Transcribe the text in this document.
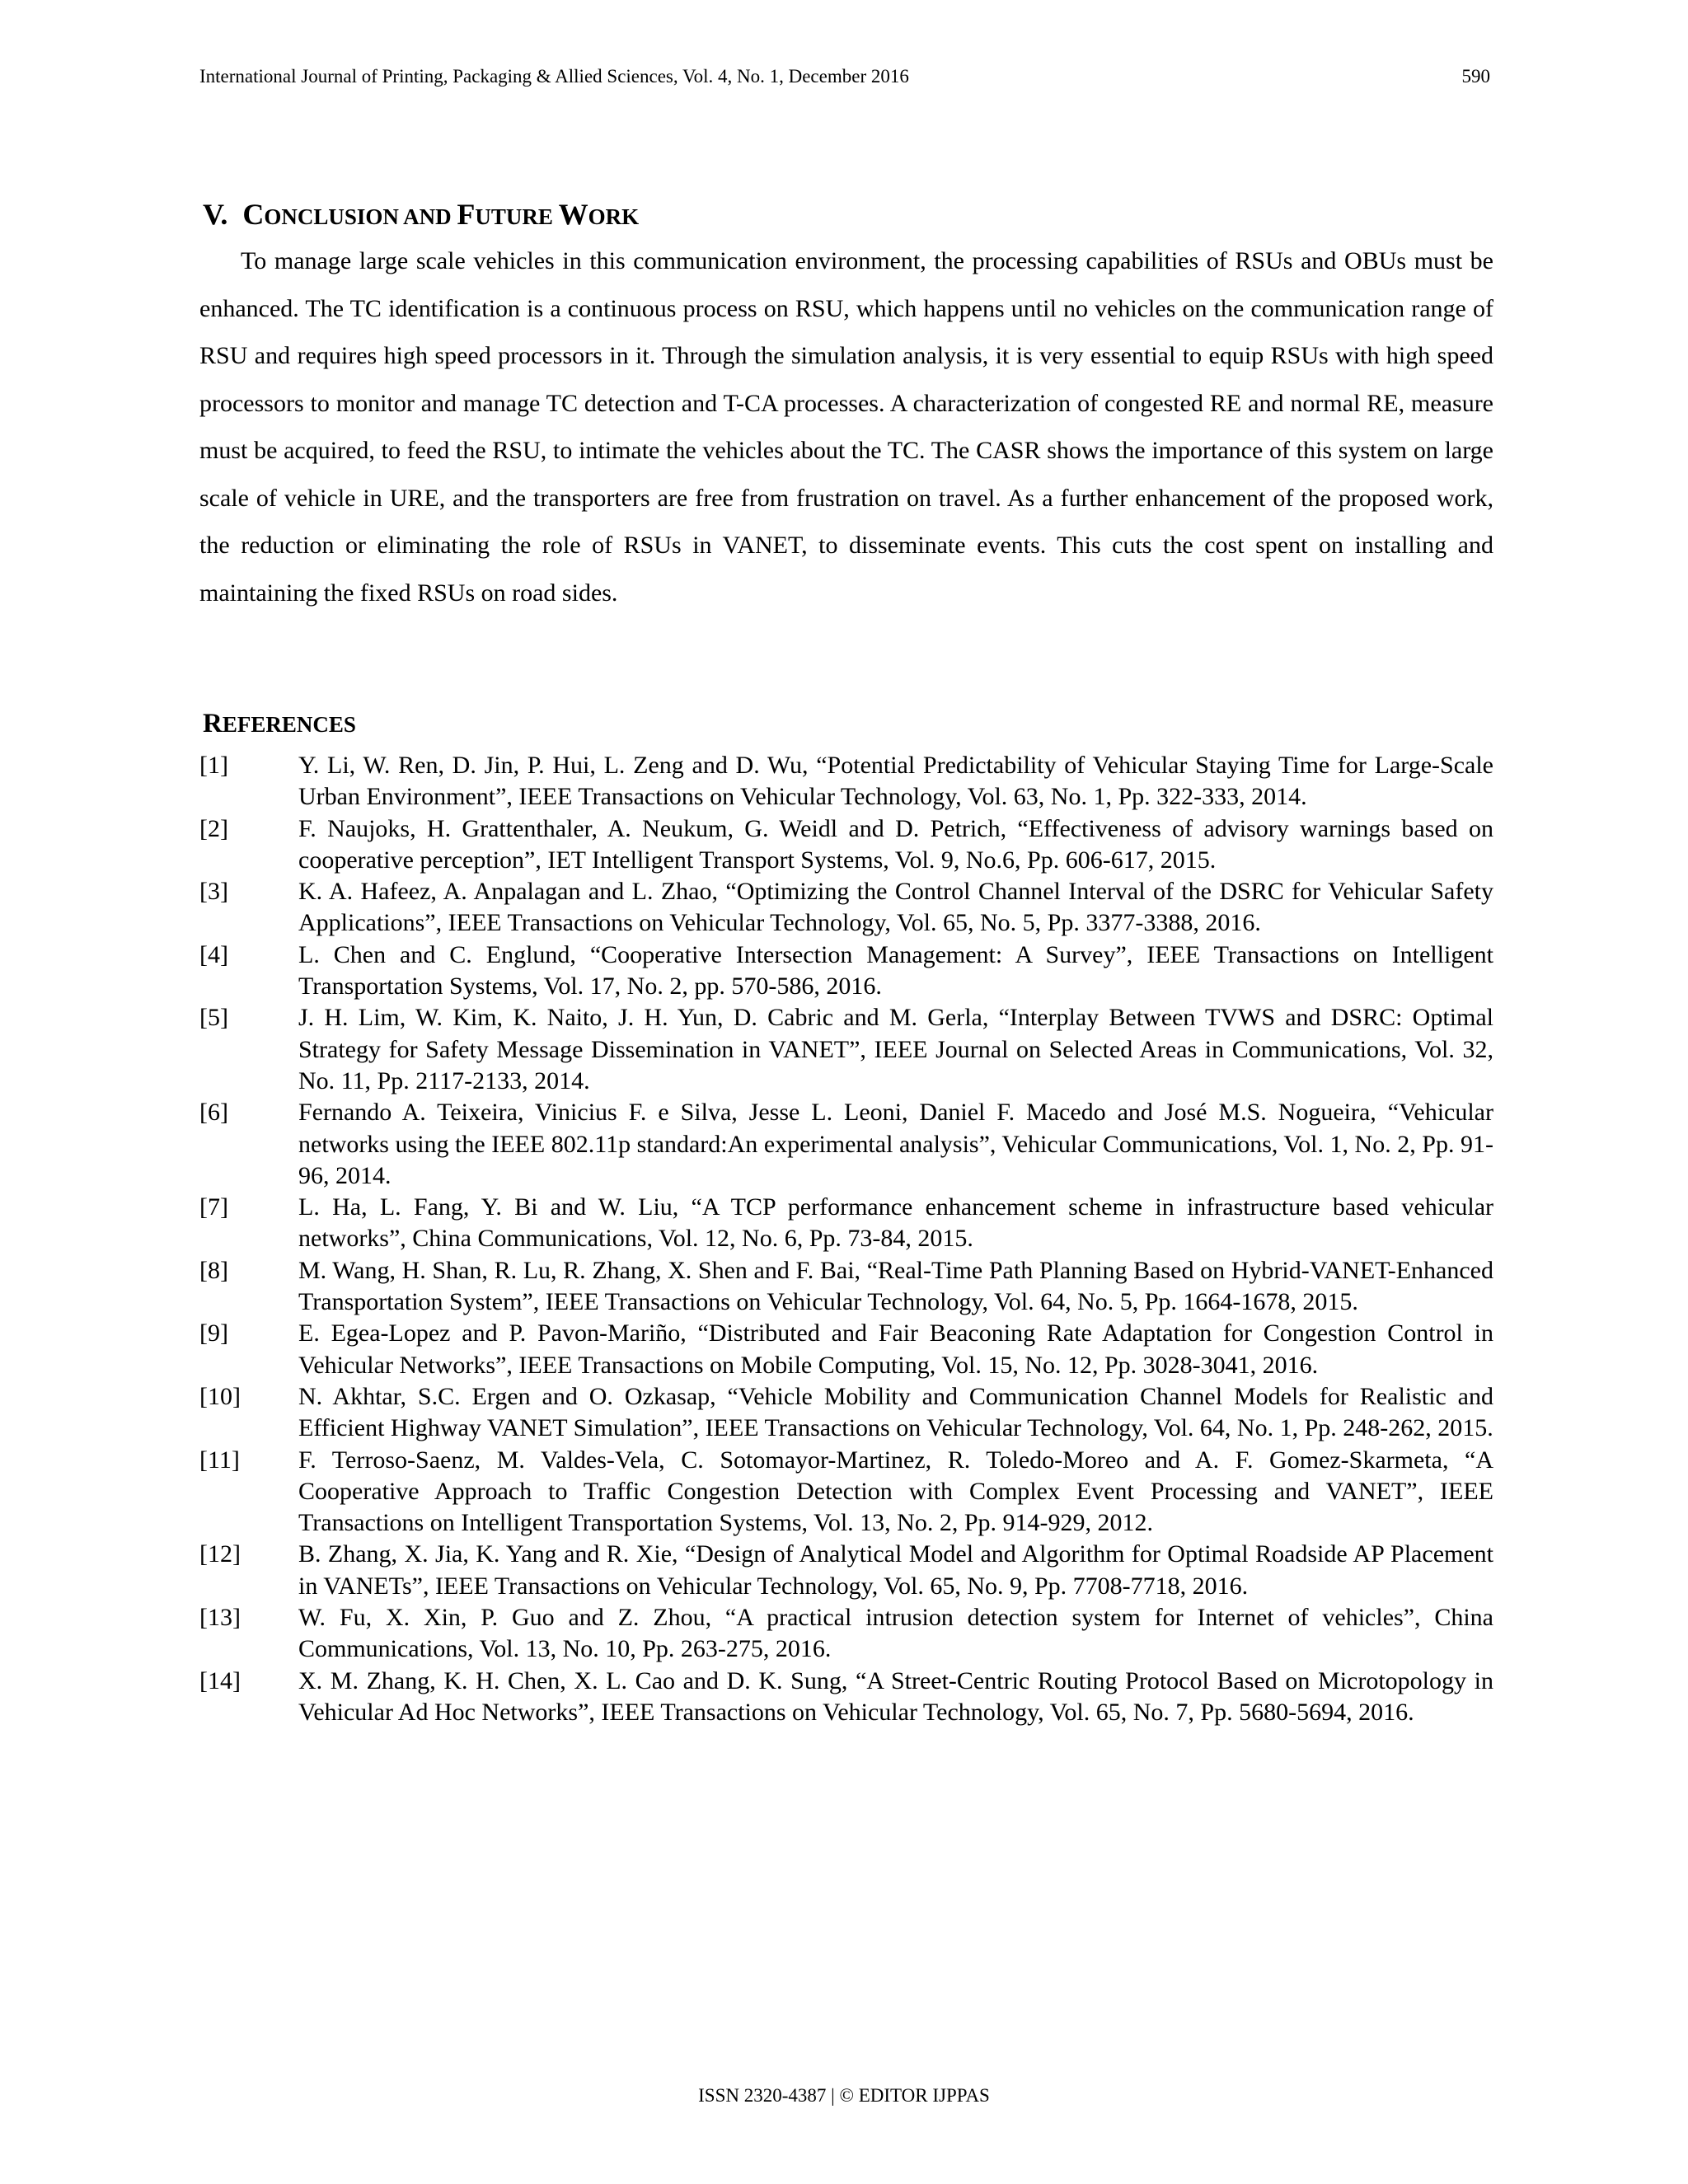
International Journal of Printing, Packaging & Allied Sciences, Vol. 4, No. 1, December 2016	590
V. CONCLUSION AND FUTURE WORK

To manage large scale vehicles in this communication environment, the processing capabilities of RSUs and OBUs must be enhanced. The TC identification is a continuous process on RSU, which happens until no vehicles on the communication range of RSU and requires high speed processors in it. Through the simulation analysis, it is very essential to equip RSUs with high speed processors to monitor and manage TC detection and T-CA processes. A characterization of congested RE and normal RE, measure must be acquired, to feed the RSU, to intimate the vehicles about the TC. The CASR shows the importance of this system on large scale of vehicle in URE, and the transporters are free from frustration on travel. As a further enhancement of the proposed work, the reduction or eliminating the role of RSUs in VANET, to disseminate events. This cuts the cost spent on installing and maintaining the fixed RSUs on road sides.

REFERENCES
[1]	Y. Li, W. Ren, D. Jin, P. Hui, L. Zeng and D. Wu, “Potential Predictability of Vehicular Staying Time for Large-Scale Urban Environment”, IEEE Transactions on Vehicular Technology, Vol. 63, No. 1, Pp. 322-333, 2014.
[2]	F. Naujoks, H. Grattenthaler, A. Neukum, G. Weidl and D. Petrich, “Effectiveness of advisory warnings based on cooperative perception”, IET Intelligent Transport Systems, Vol. 9, No.6, Pp. 606-617, 2015.
[3]	K. A. Hafeez, A. Anpalagan and L. Zhao, “Optimizing the Control Channel Interval of the DSRC for Vehicular Safety Applications”, IEEE Transactions on Vehicular Technology, Vol. 65, No. 5, Pp. 3377-3388, 2016.
[4]	L. Chen and C. Englund, “Cooperative Intersection Management: A Survey”, IEEE Transactions on Intelligent Transportation Systems, Vol. 17, No. 2, pp. 570-586, 2016.
[5]	J. H. Lim, W. Kim, K. Naito, J. H. Yun, D. Cabric and M. Gerla, “Interplay Between TVWS and DSRC: Optimal Strategy for Safety Message Dissemination in VANET”, IEEE Journal on Selected Areas in Communications, Vol. 32, No. 11, Pp. 2117-2133, 2014.
[6]	Fernando A. Teixeira, Vinicius F. e Silva, Jesse L. Leoni, Daniel F. Macedo and José M.S. Nogueira, “Vehicular networks using the IEEE 802.11p standard:An experimental analysis”, Vehicular Communications, Vol. 1, No. 2, Pp. 91-96, 2014.
[7]	L. Ha, L. Fang, Y. Bi and W. Liu, “A TCP performance enhancement scheme in infrastructure based vehicular networks”, China Communications, Vol. 12, No. 6, Pp. 73-84, 2015.
[8]	M. Wang, H. Shan, R. Lu, R. Zhang, X. Shen and F. Bai, “Real-Time Path Planning Based on Hybrid-VANET-Enhanced Transportation System”, IEEE Transactions on Vehicular Technology, Vol. 64, No. 5, Pp. 1664-1678, 2015.
[9]	E. Egea-Lopez and P. Pavon-Mariño, “Distributed and Fair Beaconing Rate Adaptation for Congestion Control in Vehicular Networks”, IEEE Transactions on Mobile Computing, Vol. 15, No. 12, Pp. 3028-3041, 2016.
[10]	N. Akhtar, S.C. Ergen and O. Ozkasap, “Vehicle Mobility and Communication Channel Models for Realistic and Efficient Highway VANET Simulation”, IEEE Transactions on Vehicular Technology, Vol. 64, No. 1, Pp. 248-262, 2015.
[11]	F. Terroso-Saenz, M. Valdes-Vela, C. Sotomayor-Martinez, R. Toledo-Moreo and A. F. Gomez-Skarmeta, “A Cooperative Approach to Traffic Congestion Detection with Complex Event Processing and VANET”, IEEE Transactions on Intelligent Transportation Systems, Vol. 13, No. 2, Pp. 914-929, 2012.
[12]	B. Zhang, X. Jia, K. Yang and R. Xie, “Design of Analytical Model and Algorithm for Optimal Roadside AP Placement in VANETs”, IEEE Transactions on Vehicular Technology, Vol. 65, No. 9, Pp. 7708-7718, 2016.
[13]	W. Fu, X. Xin, P. Guo and Z. Zhou, “A practical intrusion detection system for Internet of vehicles”, China Communications, Vol. 13, No. 10, Pp. 263-275, 2016.
[14]	X. M. Zhang, K. H. Chen, X. L. Cao and D. K. Sung, “A Street-Centric Routing Protocol Based on Microtopology in Vehicular Ad Hoc Networks”, IEEE Transactions on Vehicular Technology, Vol. 65, No. 7, Pp. 5680-5694, 2016.
ISSN 2320-4387 | © EDITOR IJPPAS
